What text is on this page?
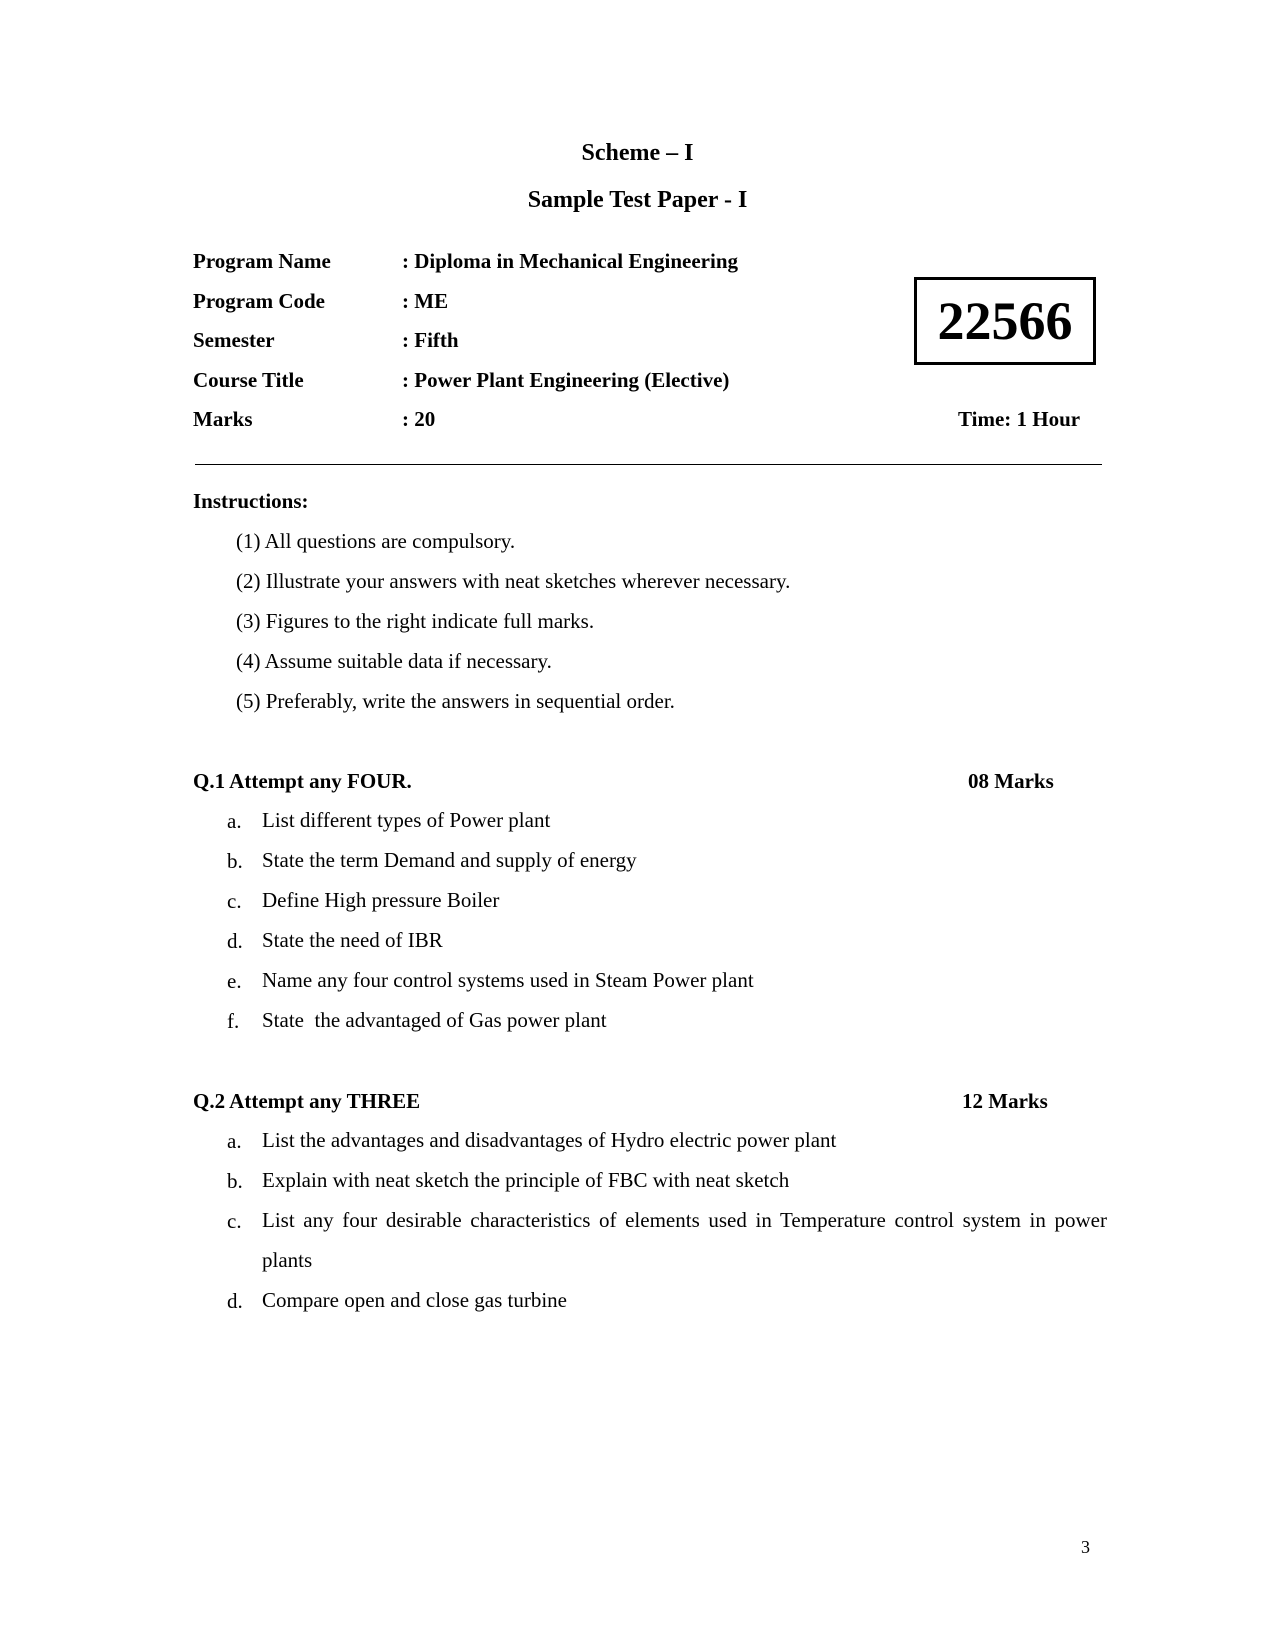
Scheme – I
Sample Test Paper - I
Program Name	: Diploma in Mechanical Engineering
Program Code	: ME
Semester	: Fifth
Course Title	: Power Plant Engineering (Elective)
Marks	: 20	Time: 1 Hour
22566
Instructions:
(1) All questions are compulsory.
(2) Illustrate your answers with neat sketches wherever necessary.
(3) Figures to the right indicate full marks.
(4) Assume suitable data if necessary.
(5) Preferably, write the answers in sequential order.
Q.1 Attempt any FOUR.	08 Marks
a. List different types of Power plant
b. State the term Demand and supply of energy
c. Define High pressure Boiler
d. State the need of IBR
e. Name any four control systems used in Steam Power plant
f.	State  the advantaged of Gas power plant
Q.2 Attempt any THREE	12 Marks
a. List the advantages and disadvantages of Hydro electric power plant
b. Explain with neat sketch the principle of FBC with neat sketch
c. List any four desirable characteristics of elements used in Temperature control system in power plants
d. Compare open and close gas turbine
3
